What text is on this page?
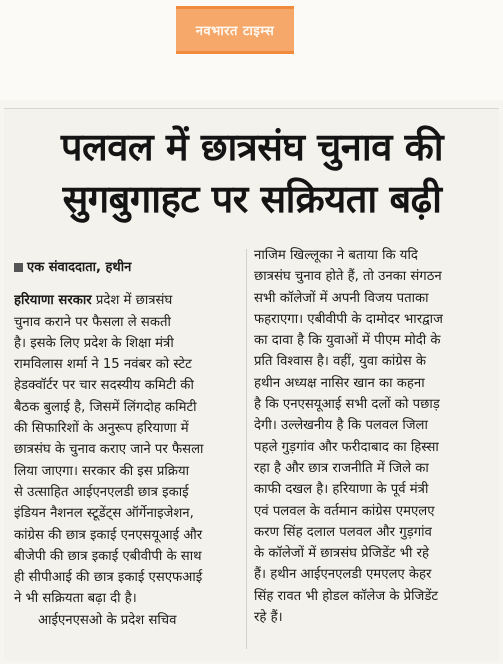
नवभारत टाइम्स
पलवल में छात्रसंघ चुनाव की
सुगबुगाहट पर सक्रियता बढ़ी
एक संवाददाता, हथीन
हरियाणा सरकार प्रदेश में छात्रसंघ
चुनाव कराने पर फैसला ले सकती
है। इसके लिए प्रदेश के शिक्षा मंत्री
रामविलास शर्मा ने 15 नवंबर को स्टेट
हेडक्वॉर्टर पर चार सदस्यीय कमिटी की
बैठक बुलाई है, जिसमें लिंगदोह कमिटी
की सिफारिशों के अनुरूप हरियाणा में
छात्रसंघ के चुनाव कराए जाने पर फैसला
लिया जाएगा। सरकार की इस प्रक्रिया
से उत्साहित आईएनएलडी छात्र इकाई
इंडियन नैशनल स्टूडेंट्स ऑर्गेनाइजेशन,
कांग्रेस की छात्र इकाई एनएसयूआई और
बीजेपी की छात्र इकाई एबीवीपी के साथ
ही सीपीआई की छात्र इकाई एसएफआई
ने भी सक्रियता बढ़ा दी है।
आईएनएसओ के प्रदेश सचिव
नाजिम खिल्लूका ने बताया कि यदि
छात्रसंघ चुनाव होते हैं, तो उनका संगठन
सभी कॉलेजों में अपनी विजय पताका
फहराएगा। एबीवीपी के दामोदर भारद्वाज
का दावा है कि युवाओं में पीएम मोदी के
प्रति विश्वास है। वहीं, युवा कांग्रेस के
हथीन अध्यक्ष नासिर खान का कहना
है कि एनएसयूआई सभी दलों को पछाड़
देगी। उल्लेखनीय है कि पलवल जिला
पहले गुड़गांव और फरीदाबाद का हिस्सा
रहा है और छात्र राजनीति में जिले का
काफी दखल है। हरियाणा के पूर्व मंत्री
एवं पलवल के वर्तमान कांग्रेस एमएलए
करण सिंह दलाल पलवल और गुड़गांव
के कॉलेजों में छात्रसंघ प्रेजिडेंट भी रहे
हैं। हथीन आईएनएलडी एमएलए केहर
सिंह रावत भी होडल कॉलेज के प्रेजिडेंट
रहे हैं।
